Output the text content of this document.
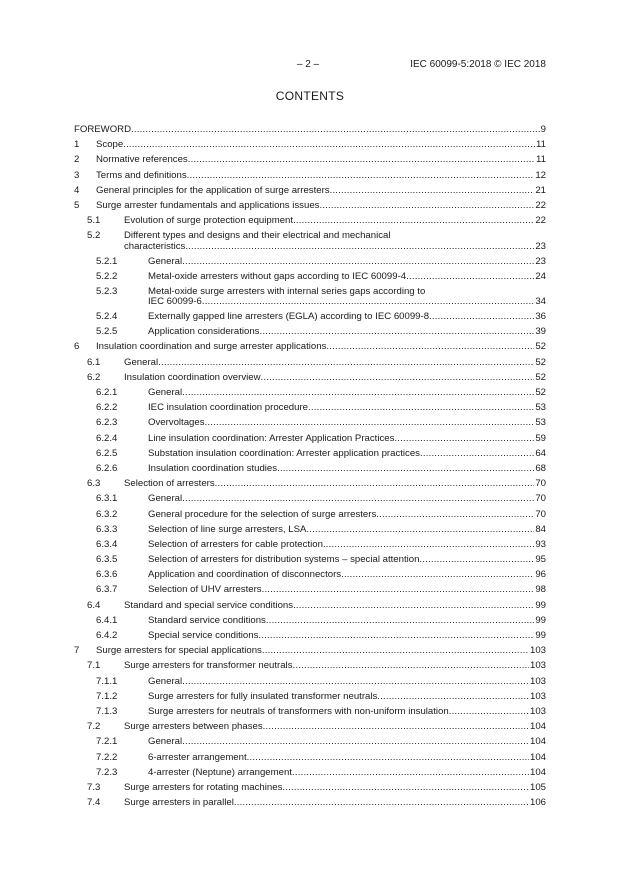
– 2 –	IEC 60099-5:2018 © IEC 2018
CONTENTS
FOREWORD .....	9
1 Scope .....	11
2 Normative references .....	11
3 Terms and definitions .....	12
4 General principles for the application of surge arresters .....	21
5 Surge arrester fundamentals and applications issues .....	22
5.1 Evolution of surge protection equipment .....	22
5.2 Different types and designs and their electrical and mechanical
characteristics .....	23
5.2.1	General .....	23
5.2.2	Metal-oxide arresters without gaps according to IEC 60099-4 .....	24
5.2.3	Metal-oxide surge arresters with internal series gaps according to
IEC 60099-6 .....	34
5.2.4	Externally gapped line arresters (EGLA) according to IEC 60099-8 .....	36
5.2.5	Application considerations .....	39
6 Insulation coordination and surge arrester applications .....	52
6.1 General .....	52
6.2 Insulation coordination overview .....	52
6.2.1	General .....	52
6.2.2	IEC insulation coordination procedure .....	53
6.2.3	Overvoltages .....	53
6.2.4	Line insulation coordination: Arrester Application Practices .....	59
6.2.5	Substation insulation coordination: Arrester application practices .....	64
6.2.6	Insulation coordination studies .....	68
6.3 Selection of arresters .....	70
6.3.1	General .....	70
6.3.2	General procedure for the selection of surge arresters .....	70
6.3.3	Selection of line surge arresters, LSA .....	84
6.3.4	Selection of arresters for cable protection .....	93
6.3.5	Selection of arresters for distribution systems – special attention .....	95
6.3.6	Application and coordination of disconnectors .....	96
6.3.7	Selection of UHV arresters .....	98
6.4 Standard and special service conditions .....	99
6.4.1	Standard service conditions .....	99
6.4.2	Special service conditions .....	99
7 Surge arresters for special applications .....	103
7.1 Surge arresters for transformer neutrals .....	103
7.1.1	General .....	103
7.1.2	Surge arresters for fully insulated transformer neutrals .....	103
7.1.3	Surge arresters for neutrals of transformers with non-uniform insulation .....	103
7.2 Surge arresters between phases .....	104
7.2.1	General .....	104
7.2.2	6-arrester arrangement .....	104
7.2.3	4-arrester (Neptune) arrangement .....	104
7.3 Surge arresters for rotating machines .....	105
7.4 Surge arresters in parallel .....	106
